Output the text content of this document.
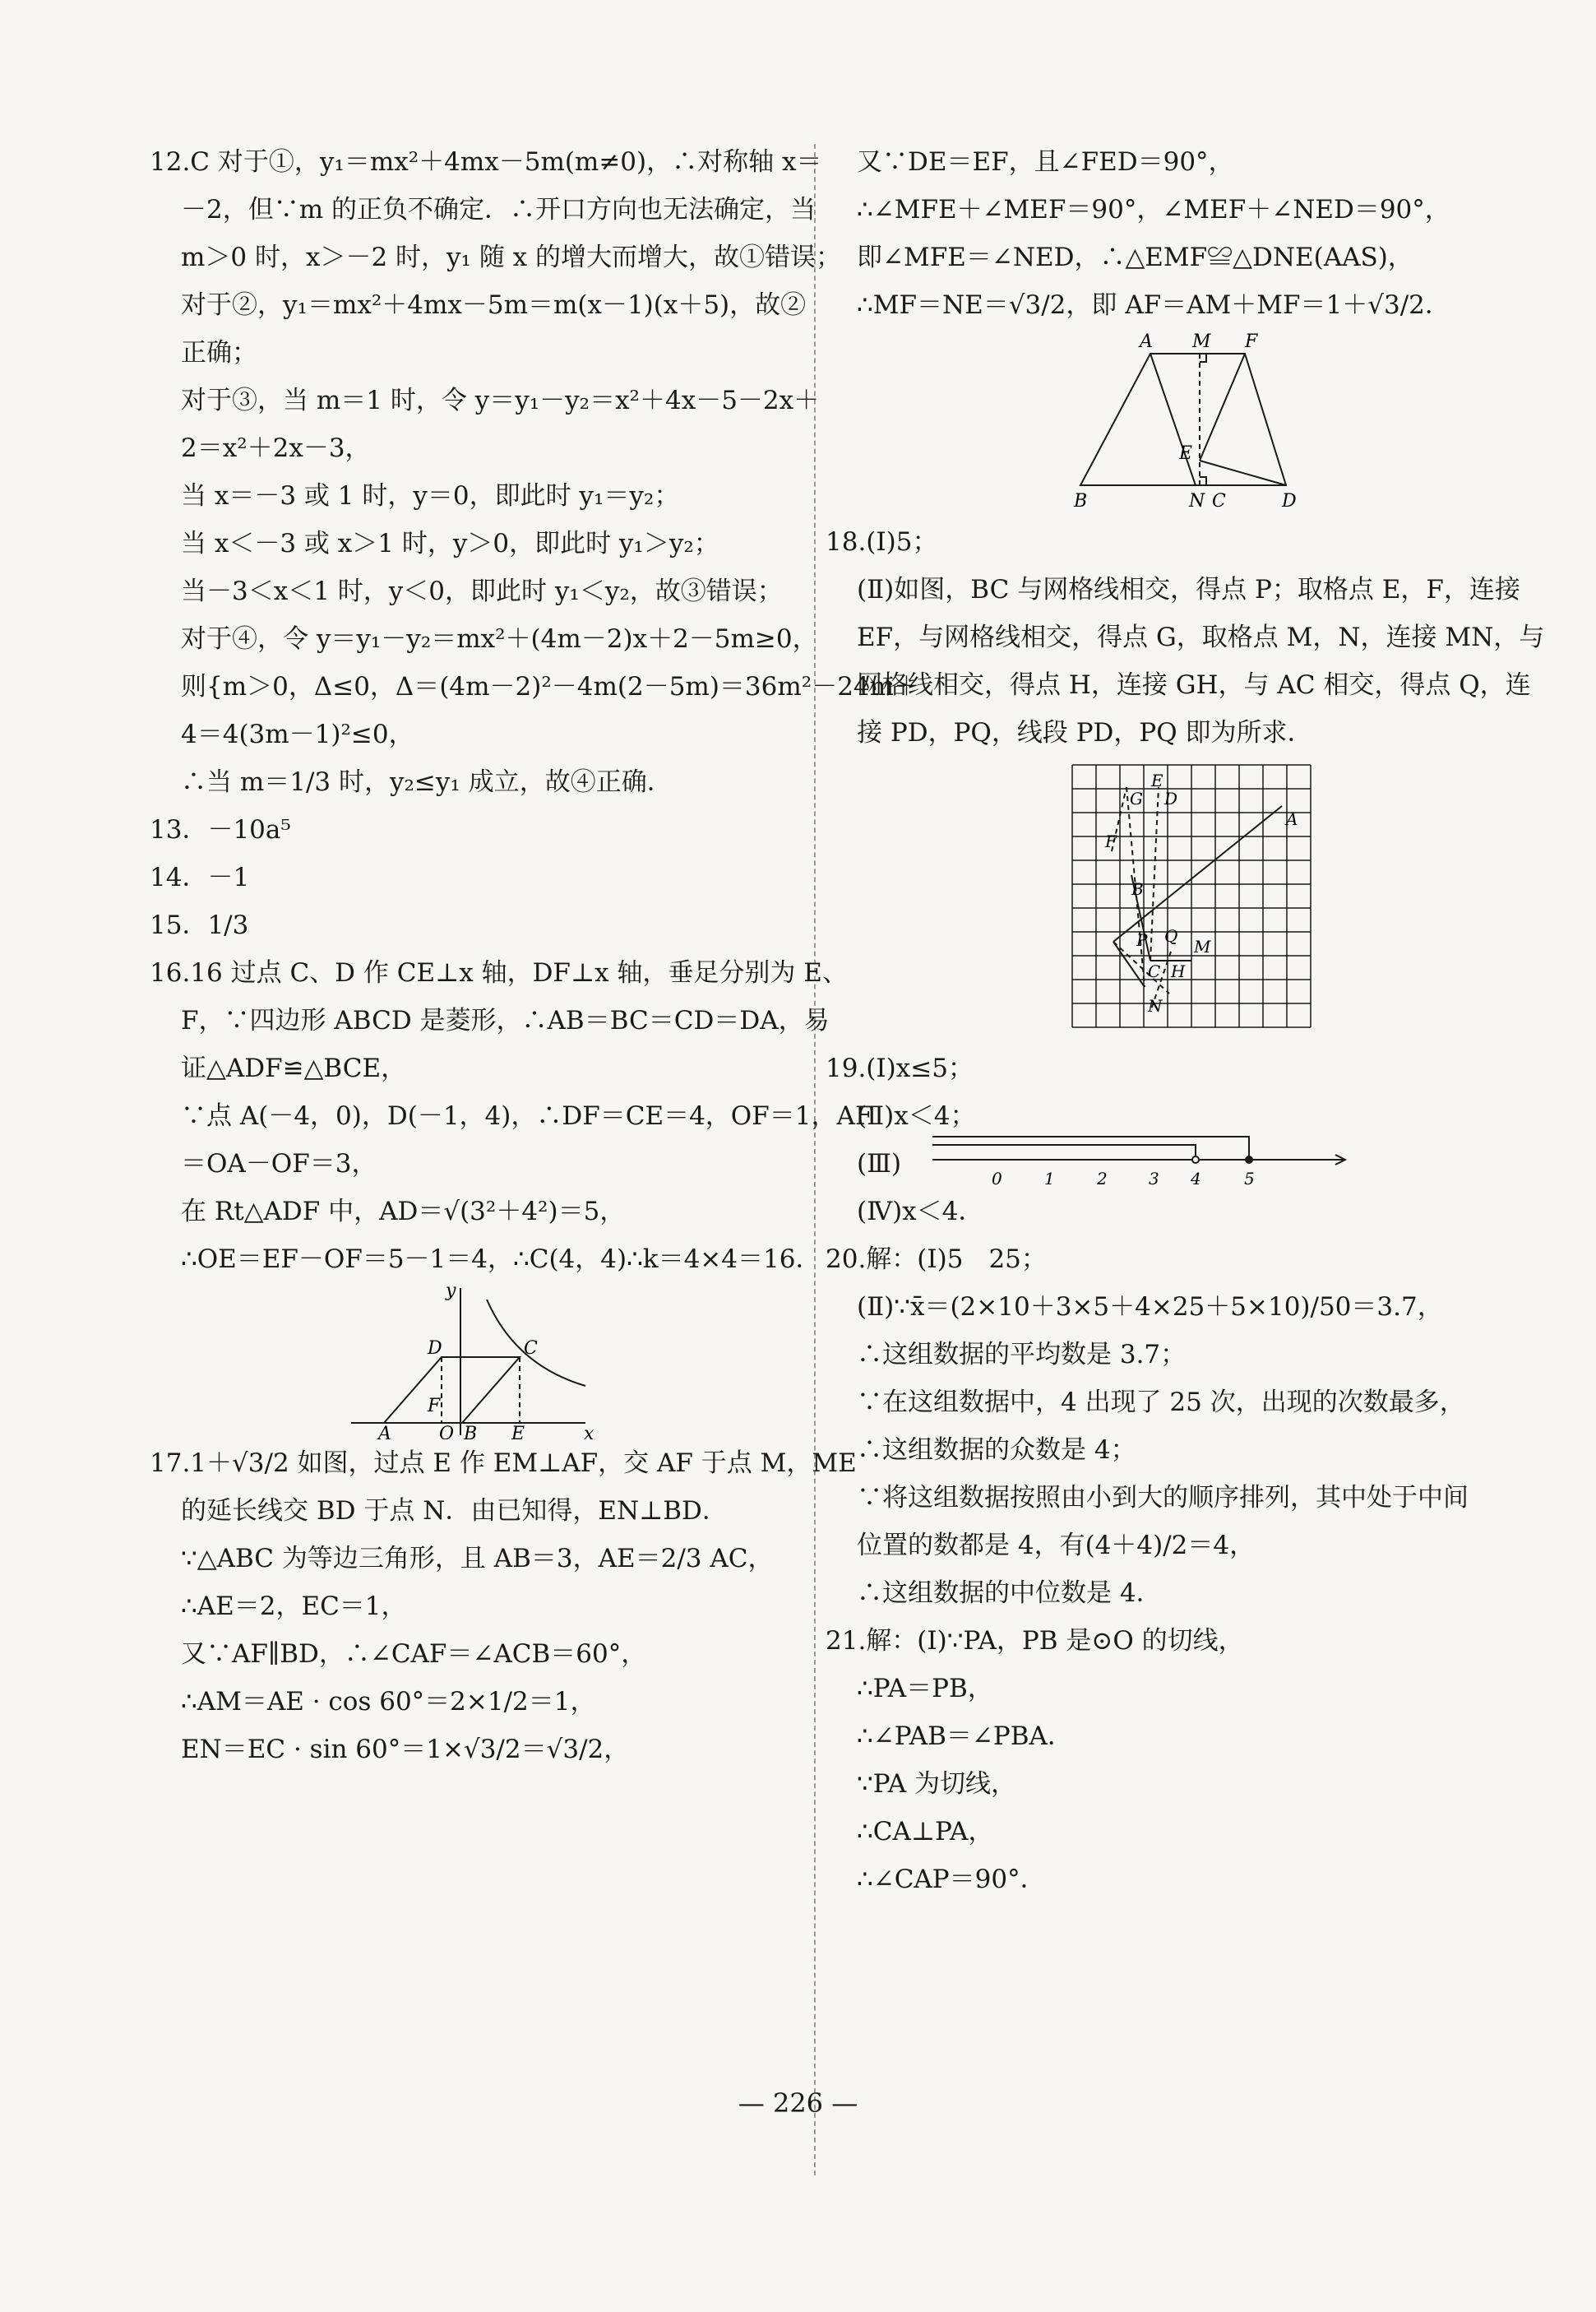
12.C 对于①，y₁＝mx²＋4mx－5m(m≠0)，∴对称轴 x＝
－2，但∵m 的正负不确定．∴开口方向也无法确定，当
m＞0 时，x＞－2 时，y₁ 随 x 的增大而增大，故①错误；
对于②，y₁＝mx²＋4mx－5m＝m(x－1)(x＋5)，故②
正确；
对于③，当 m＝1 时，令 y＝y₁－y₂＝x²＋4x－5－2x＋
2＝x²＋2x－3，
当 x＝－3 或 1 时，y＝0，即此时 y₁＝y₂；
当 x＜－3 或 x＞1 时，y＞0，即此时 y₁＞y₂；
当－3＜x＜1 时，y＜0，即此时 y₁＜y₂，故③错误；
对于④，令 y＝y₁－y₂＝mx²＋(4m－2)x＋2－5m≥0，
则{m＞0，Δ≤0，Δ＝(4m－2)²－4m(2－5m)＝36m²－24m＋
4＝4(3m－1)²≤0，
∴当 m＝1/3 时，y₂≤y₁ 成立，故④正确．
13．－10a⁵
14．－1
15．1/3
16.16 过点 C、D 作 CE⊥x 轴，DF⊥x 轴，垂足分别为 E、
F，∵四边形 ABCD 是菱形，∴AB＝BC＝CD＝DA，易
证△ADF≌△BCE，
∵点 A(－4，0)，D(－1，4)，∴DF＝CE＝4，OF＝1，AF
＝OA－OF＝3，
在 Rt△ADF 中，AD＝√(3²＋4²)＝5，
∴OE＝EF－OF＝5－1＝4，∴C(4，4)∴k＝4×4＝16．
y
D	C
F
A	O B E	x
17.1＋√3/2 如图，过点 E 作 EM⊥AF，交 AF 于点 M，ME
的延长线交 BD 于点 N．由已知得，EN⊥BD．
∵△ABC 为等边三角形，且 AB＝3，AE＝2/3 AC，
∴AE＝2，EC＝1，
又∵AF∥BD，∴∠CAF＝∠ACB＝60°，
∴AM＝AE · cos 60°＝2×1/2＝1，
EN＝EC · sin 60°＝1×√3/2＝√3/2，
又∵DE＝EF，且∠FED＝90°，
∴∠MFE＋∠MEF＝90°，∠MEF＋∠NED＝90°，
即∠MFE＝∠NED，∴△EMF≌△DNE(AAS)，
∴MF＝NE＝√3/2，即 AF＝AM＋MF＝1＋√3/2．
A M F
E
B	N C	D
18.(Ⅰ)5；
(Ⅱ)如图，BC 与网格线相交，得点 P；取格点 E，F，连接
EF，与网格线相交，得点 G，取格点 M，N，连接 MN，与
网格线相交，得点 H，连接 GH，与 AC 相交，得点 Q，连
接 PD，PQ，线段 PD，PQ 即为所求．
E
G D
A
F
B
P Q
M
C H
N
19.(Ⅰ)x≤5；
(Ⅱ)x＜4；
(Ⅲ)	0	1	2	3 4	5
(Ⅳ)x＜4．
20.解：(Ⅰ)5　25；
(Ⅱ)∵x̄＝(2×10＋3×5＋4×25＋5×10)/50＝3.7，
∴这组数据的平均数是 3.7；
∵在这组数据中，4 出现了 25 次，出现的次数最多，
∴这组数据的众数是 4；
∵将这组数据按照由小到大的顺序排列，其中处于中间
位置的数都是 4，有(4＋4)/2＝4，
∴这组数据的中位数是 4．
21.解：(Ⅰ)∵PA，PB 是⊙O 的切线，
∴PA＝PB，
∴∠PAB＝∠PBA．
∵PA 为切线，
∴CA⊥PA，
∴∠CAP＝90°．
— 226 —
